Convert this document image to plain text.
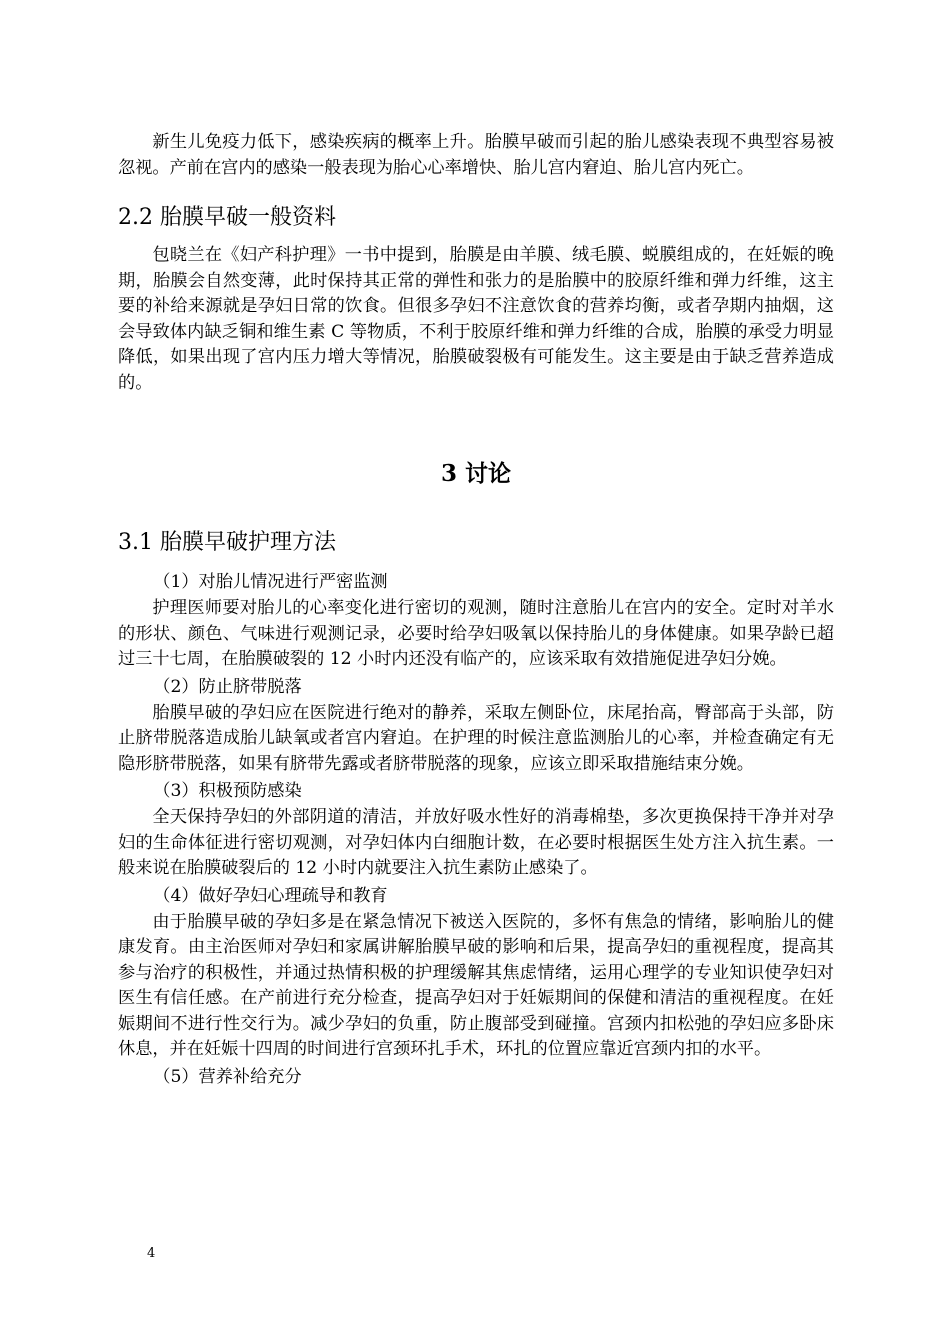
新生儿免疫力低下，感染疾病的概率上升。胎膜早破而引起的胎儿感染表现不典型容易被忽视。产前在宫内的感染一般表现为胎心心率增快、胎儿宫内窘迫、胎儿宫内死亡。

2.2 胎膜早破一般资料

包晓兰在《妇产科护理》一书中提到，胎膜是由羊膜、绒毛膜、蜕膜组成的，在妊娠的晚期，胎膜会自然变薄，此时保持其正常的弹性和张力的是胎膜中的胶原纤维和弹力纤维，这主要的补给来源就是孕妇日常的饮食。但很多孕妇不注意饮食的营养均衡，或者孕期内抽烟，这会导致体内缺乏铜和维生素 C 等物质，不利于胶原纤维和弹力纤维的合成，胎膜的承受力明显降低，如果出现了宫内压力增大等情况，胎膜破裂极有可能发生。这主要是由于缺乏营养造成的。

3 讨论
3.1 胎膜早破护理方法

（1）对胎儿情况进行严密监测

护理医师要对胎儿的心率变化进行密切的观测，随时注意胎儿在宫内的安全。定时对羊水的形状、颜色、气味进行观测记录，必要时给孕妇吸氧以保持胎儿的身体健康。如果孕龄已超过三十七周，在胎膜破裂的 12 小时内还没有临产的，应该采取有效措施促进孕妇分娩。

（2）防止脐带脱落

胎膜早破的孕妇应在医院进行绝对的静养，采取左侧卧位，床尾抬高，臀部高于头部，防止脐带脱落造成胎儿缺氧或者宫内窘迫。在护理的时候注意监测胎儿的心率，并检查确定有无隐形脐带脱落，如果有脐带先露或者脐带脱落的现象，应该立即采取措施结束分娩。

（3）积极预防感染

全天保持孕妇的外部阴道的清洁，并放好吸水性好的消毒棉垫，多次更换保持干净并对孕妇的生命体征进行密切观测，对孕妇体内白细胞计数，在必要时根据医生处方注入抗生素。一般来说在胎膜破裂后的 12 小时内就要注入抗生素防止感染了。

（4）做好孕妇心理疏导和教育

由于胎膜早破的孕妇多是在紧急情况下被送入医院的，多怀有焦急的情绪，影响胎儿的健康发育。由主治医师对孕妇和家属讲解胎膜早破的影响和后果，提高孕妇的重视程度，提高其参与治疗的积极性，并通过热情积极的护理缓解其焦虑情绪，运用心理学的专业知识使孕妇对医生有信任感。在产前进行充分检查，提高孕妇对于妊娠期间的保健和清洁的重视程度。在妊娠期间不进行性交行为。减少孕妇的负重，防止腹部受到碰撞。宫颈内扣松弛的孕妇应多卧床休息，并在妊娠十四周的时间进行宫颈环扎手术，环扎的位置应靠近宫颈内扣的水平。

（5）营养补给充分

4
